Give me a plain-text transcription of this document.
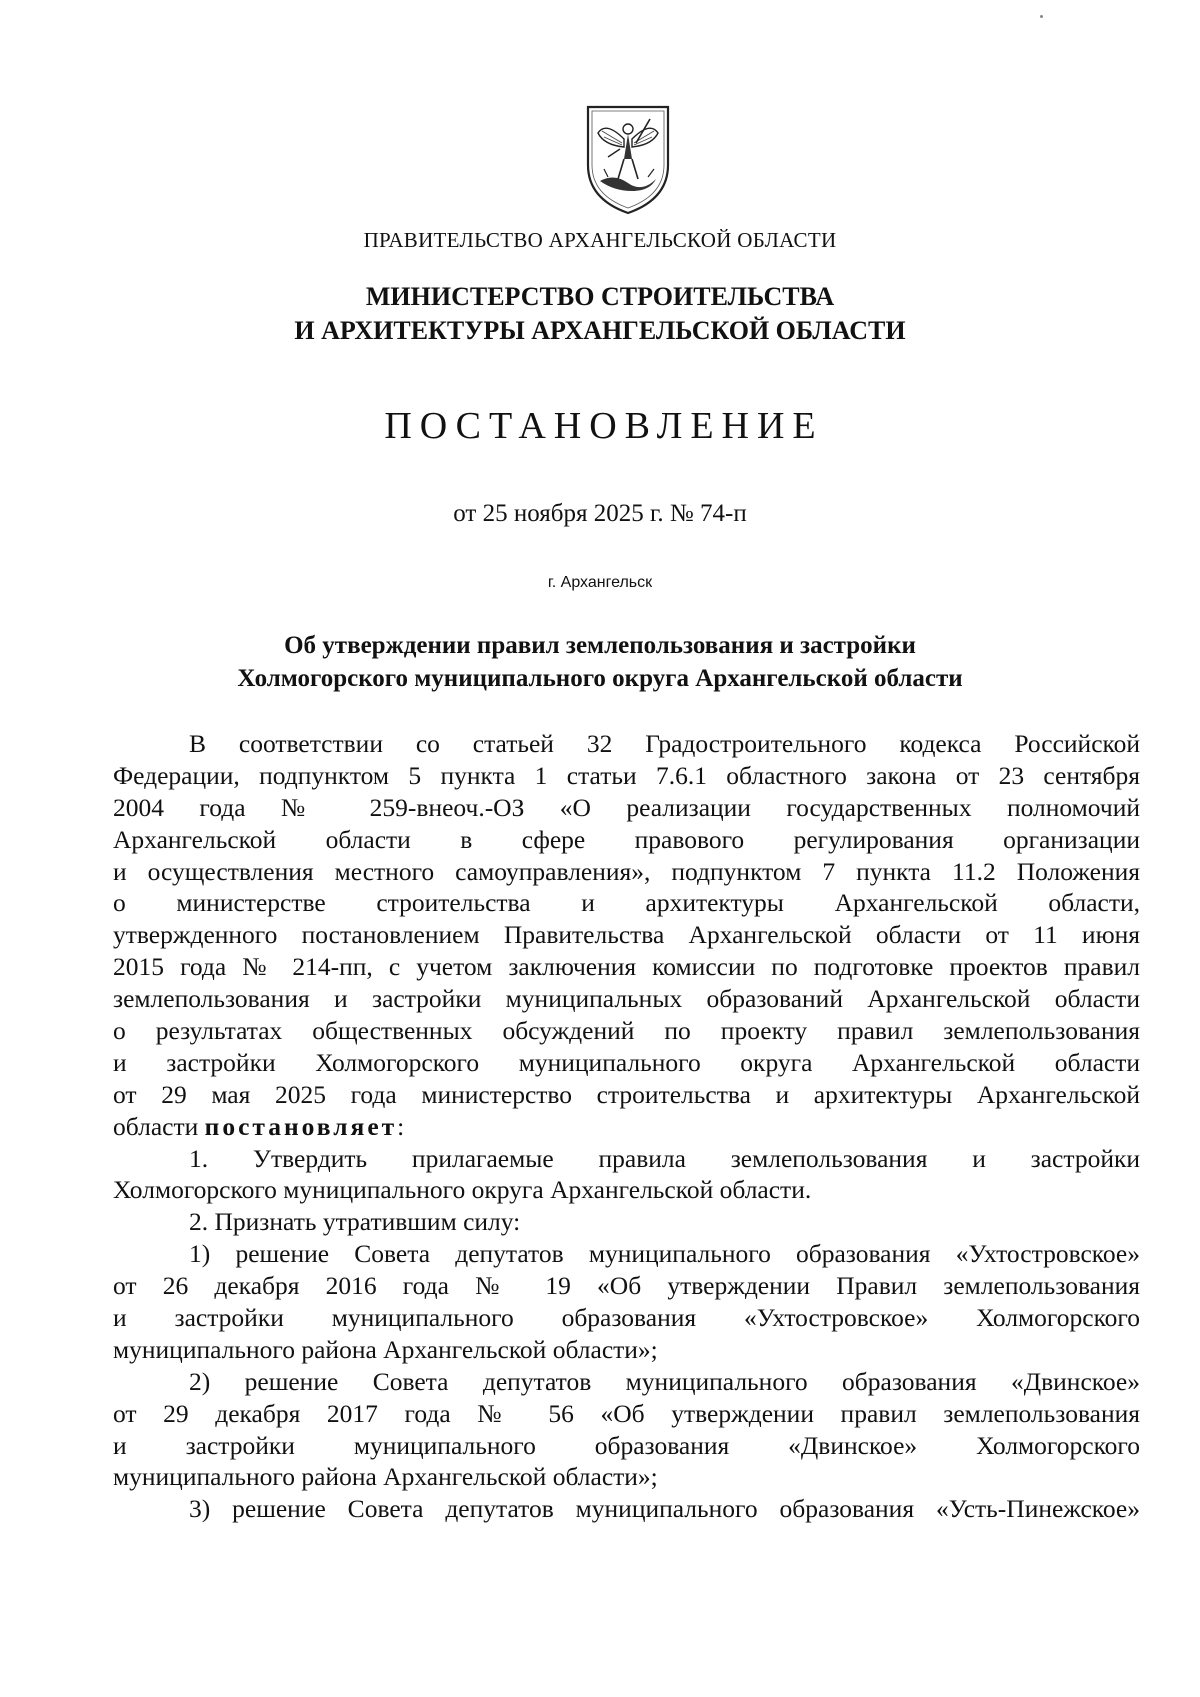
ПРАВИТЕЛЬСТВО АРХАНГЕЛЬСКОЙ ОБЛАСТИ
МИНИСТЕРСТВО СТРОИТЕЛЬСТВА
И АРХИТЕКТУРЫ АРХАНГЕЛЬСКОЙ ОБЛАСТИ
ПОСТАНОВЛЕНИЕ
от 25 ноября 2025 г. № 74-п
г. Архангельск
Об утверждении правил землепользования и застройки
Холмогорского муниципального округа Архангельской области
В соответствии со статьей 32 Градостроительного кодекса Российской
Федерации, подпунктом 5 пункта 1 статьи 7.6.1 областного закона от 23 сентября
2004 года № 259-внеоч.-ОЗ «О реализации государственных полномочий
Архангельской области в сфере правового регулирования организации
и осуществления местного самоуправления», подпунктом 7 пункта 11.2 Положения
о министерстве строительства и архитектуры Архангельской области,
утвержденного постановлением Правительства Архангельской области от 11 июня
2015 года № 214-пп, с учетом заключения комиссии по подготовке проектов правил
землепользования и застройки муниципальных образований Архангельской области
о результатах общественных обсуждений по проекту правил землепользования
и застройки Холмогорского муниципального округа Архангельской области
от 29 мая 2025 года министерство строительства и архитектуры Архангельской
области постановляет:
1. Утвердить прилагаемые правила землепользования и застройки
Холмогорского муниципального округа Архангельской области.
2. Признать утратившим силу:
1) решение Совета депутатов муниципального образования «Ухтостровское»
от 26 декабря 2016 года № 19 «Об утверждении Правил землепользования
и застройки муниципального образования «Ухтостровское» Холмогорского
муниципального района Архангельской области»;
2) решение Совета депутатов муниципального образования «Двинское»
от 29 декабря 2017 года № 56 «Об утверждении правил землепользования
и застройки муниципального образования «Двинское» Холмогорского
муниципального района Архангельской области»;
3) решение Совета депутатов муниципального образования «Усть-Пинежское»
